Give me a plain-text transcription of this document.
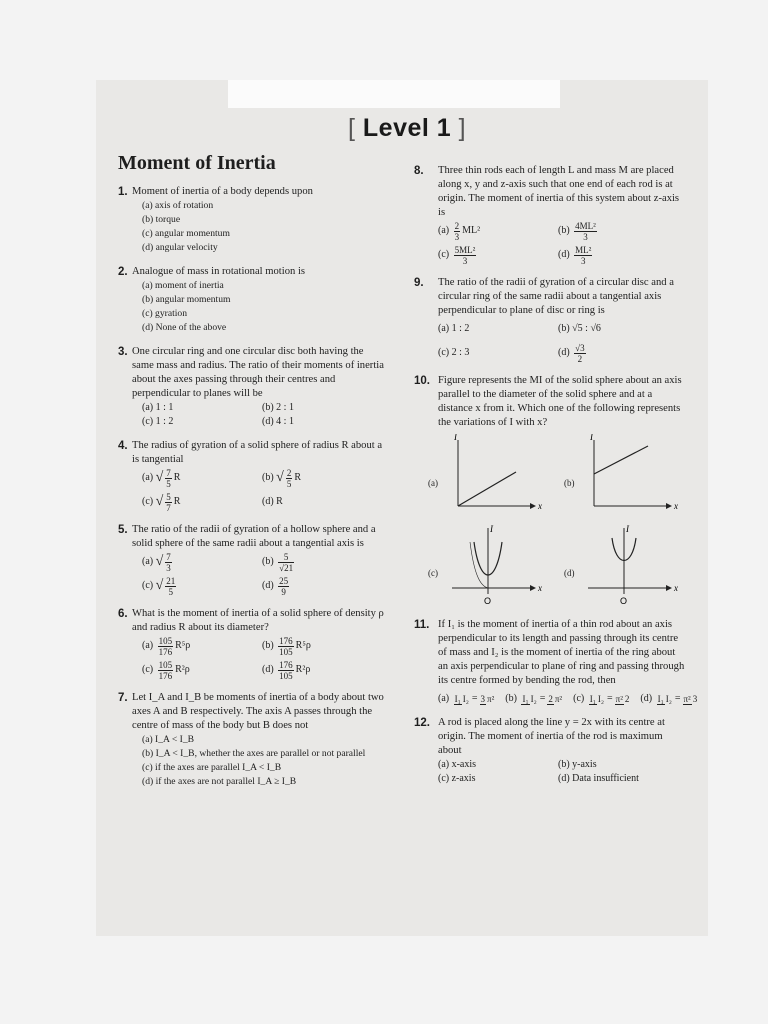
[ Level 1 ]
Moment of Inertia
1. Moment of inertia of a body depends upon
(a) axis of rotation
(b) torque
(c) angular momentum
(d) angular velocity
2. Analogue of mass in rotational motion is
(a) moment of inertia
(b) angular momentum
(c) gyration
(d) None of the above
3. One circular ring and one circular disc both having the same mass and radius. The ratio of their moments of inertia about the axes passing through their centres and perpendicular to planes will be
(a) 1 : 1	(b) 2 : 1
(c) 1 : 2	(d) 4 : 1
4. The radius of gyration of a solid sphere of radius R about a is tangential
(a)
√ $\frac{7}{5}$ R	(b)
√ $\frac{2}{5}$ R
(c)
√ $\frac{5}{7}$ R	(d) R
5. The ratio of the radii of gyration of a hollow sphere and a solid sphere of the same radii about a tangential axis is
(a)
√ $\frac{7}{3}$	(b)
$\frac{5}{√21}$
(c)
√ $\frac{21}{5}$	(d)
$\frac{25}{9}$
6. What is the moment of inertia of a solid sphere of density ρ and radius R about its diameter?
(a)
$\frac{105}{176} R^5\rho$	(b)
$\frac{176}{105} R^5\rho$
(c)
$\frac{105}{176} R^2\rho$	(d)
$\frac{176}{105} R^2\rho$
7. Let I_A and I_B be moments of inertia of a body about two axes A and B respectively. The axis A passes through the centre of mass of the body but B does not
(a) I_A < I_B
(b) I_A < I_B, whether the axes are parallel or not parallel
(c) if the axes are parallel I_A < I_B
(d) if the axes are not parallel I_A ≥ I_B
8.	Three thin rods each of length L and mass M are placed along x, y and z-axis such that one end of each rod is at origin. The moment of inertia of this system about z-axis is
(a)
$\frac{2}{3} ML^2$	(b)
$\frac{\text{4ML²}}{3}$
(c)
$\frac{\text{5ML²}}{3}$	(d)
$\frac{\text{ML²}}{3}$
9.	The ratio of the radii of gyration of a circular disc and a circular ring of the same radii about a tangential axis perpendicular to plane of disc or ring is
(a) 1 : 2	(b)
√5 : √6
(c) 2 : 3	(d)
$\frac{√3}{2}$
10. Figure represents the MI of the solid sphere about an axis parallel to the diameter of the solid sphere and at a distance x from it. Which one of the following represents the variations of I with x?
(a)
I
x
(b)
I
x
(c)
I
x
O
(d)
I
x
O
11. If I₁ is the moment of inertia of a thin rod about an axis perpendicular to its length and passing through its centre of mass and I₂ is the moment of inertia of the ring about an axis perpendicular to plane of ring and passing through its centre formed by bending the rod, then
(a)
I₁ I₂ = 3 π² (b)
I₁ I₂ = 2 π² (c)
I₁ I₂ = π² 2 (d)
I₁ I₂ = π² 3
12. A rod is placed along the line y = 2x with its centre at origin. The moment of inertia of the rod is maximum about
(a) x-axis	(b) y-axis
(c) z-axis	(d) Data insufficient
